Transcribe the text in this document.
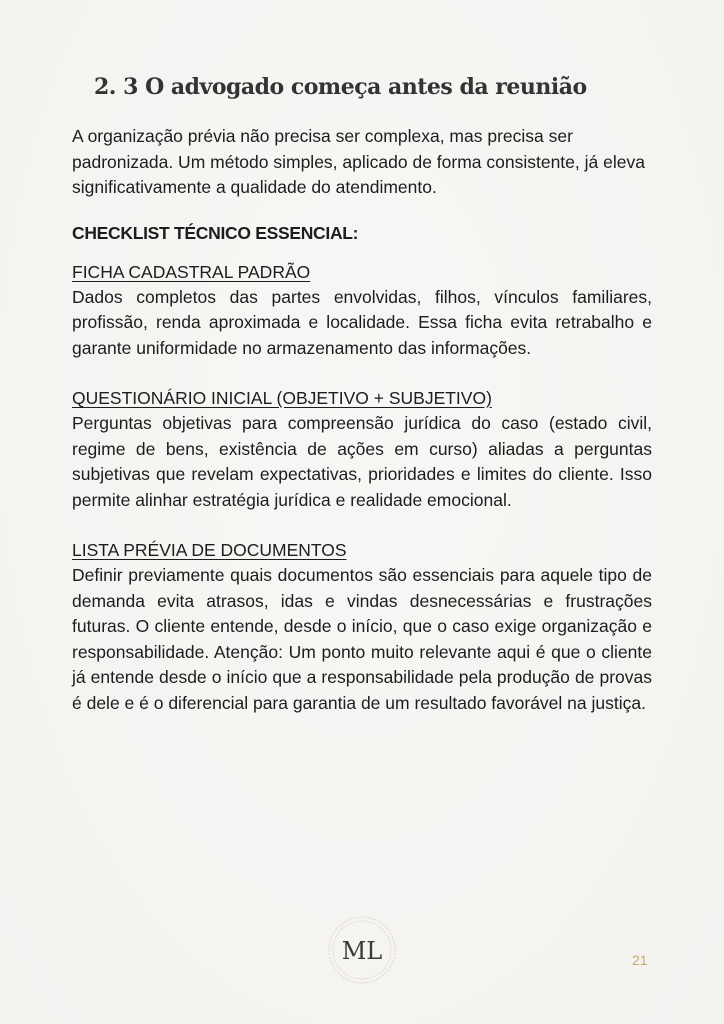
2. 3 O advogado começa antes da reunião

A organização prévia não precisa ser complexa, mas precisa ser padronizada. Um método simples, aplicado de forma consistente, já eleva significativamente a qualidade do atendimento.

CHECKLIST TÉCNICO ESSENCIAL:

FICHA CADASTRAL PADRÃO

Dados completos das partes envolvidas, filhos, vínculos familiares, profissão, renda aproximada e localidade. Essa ficha evita retrabalho e garante uniformidade no armazenamento das informações.

QUESTIONÁRIO INICIAL (OBJETIVO + SUBJETIVO)

Perguntas objetivas para compreensão jurídica do caso (estado civil, regime de bens, existência de ações em curso) aliadas a perguntas subjetivas que revelam expectativas, prioridades e limites do cliente. Isso permite alinhar estratégia jurídica e realidade emocional.

LISTA PRÉVIA DE DOCUMENTOS

Definir previamente quais documentos são essenciais para aquele tipo de demanda evita atrasos, idas e vindas desnecessárias e frustrações futuras. O cliente entende, desde o início, que o caso exige organização e responsabilidade. Atenção: Um ponto muito relevante aqui é que o cliente já entende desde o início que a responsabilidade pela produção de provas é dele e é o diferencial para garantia de um resultado favorável na justiça.

ML	21
